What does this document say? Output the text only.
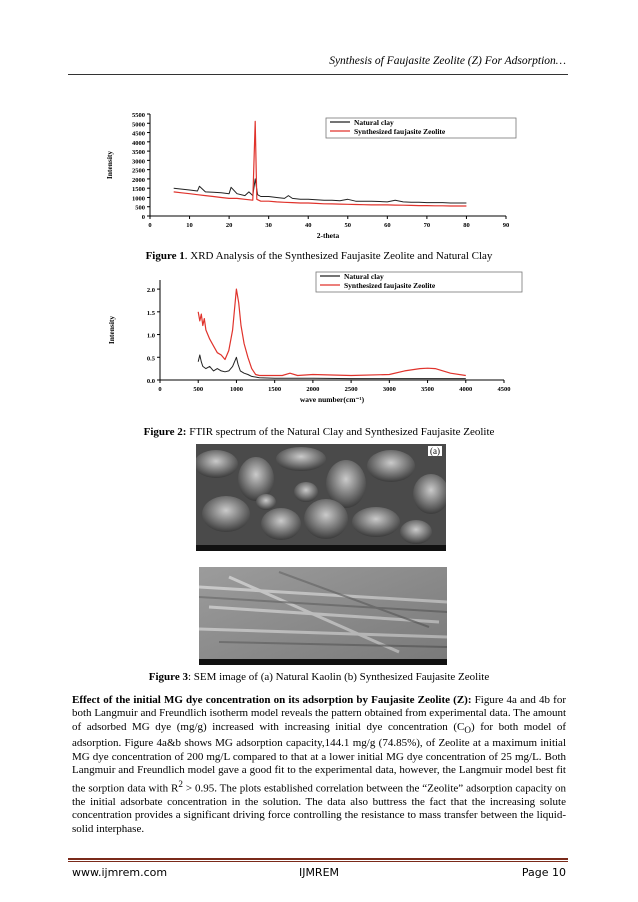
Synthesis of Faujasite Zeolite (Z) For Adsorption…
0	10	20	30	40	50	60	70	80	90
0
500
1000
1500
2000
2500
3000
3500
4000
4500
5000
5500
2-theta
Intensity
Natural clay
Synthesized faujasite Zeolite
Figure 1. XRD Analysis of the Synthesized Faujasite Zeolite and Natural Clay
0	500	1000	1500	2000	2500	3000	3500	4000	4500
0.0
0.5
1.0
1.5
2.0
wave number(cm⁻¹)
Intensity
Natural clay
Synthesized faujasite Zeolite
Figure 2: FTIR spectrum of the Natural Clay and Synthesized Faujasite Zeolite
(a)
Figure 3: SEM image of (a) Natural Kaolin (b) Synthesized Faujasite Zeolite
Effect of the initial MG dye concentration on its adsorption by Faujasite Zeolite (Z): Figure 4a and 4b for both Langmuir and Freundlich isotherm model reveals the pattern obtained from experimental data. The amount of adsorbed MG dye (mg/g) increased with increasing initial dye concentration $(C_O)$ for both model of adsorption. Figure 4a&b shows MG adsorption capacity,144.1 mg/g (74.85%), of Zeolite at a maximum initial MG dye concentration of 200 mg/L compared to that at a lower initial MG dye concentration of 25 mg/L. Both Langmuir and Freundlich model gave a good fit to the experimental data, however, the Langmuir model best fit the sorption data with $R^2 > 0.95$. The plots established correlation between the “Zeolite” adsorption capacity on the initial adsorbate concentration in the solution. The data also buttress the fact that the increasing solute concentration provides a significant driving force controlling the resistance to mass transfer between the liquid-solid interphase.
www.ijmrem.com	IJMREM	Page 10
